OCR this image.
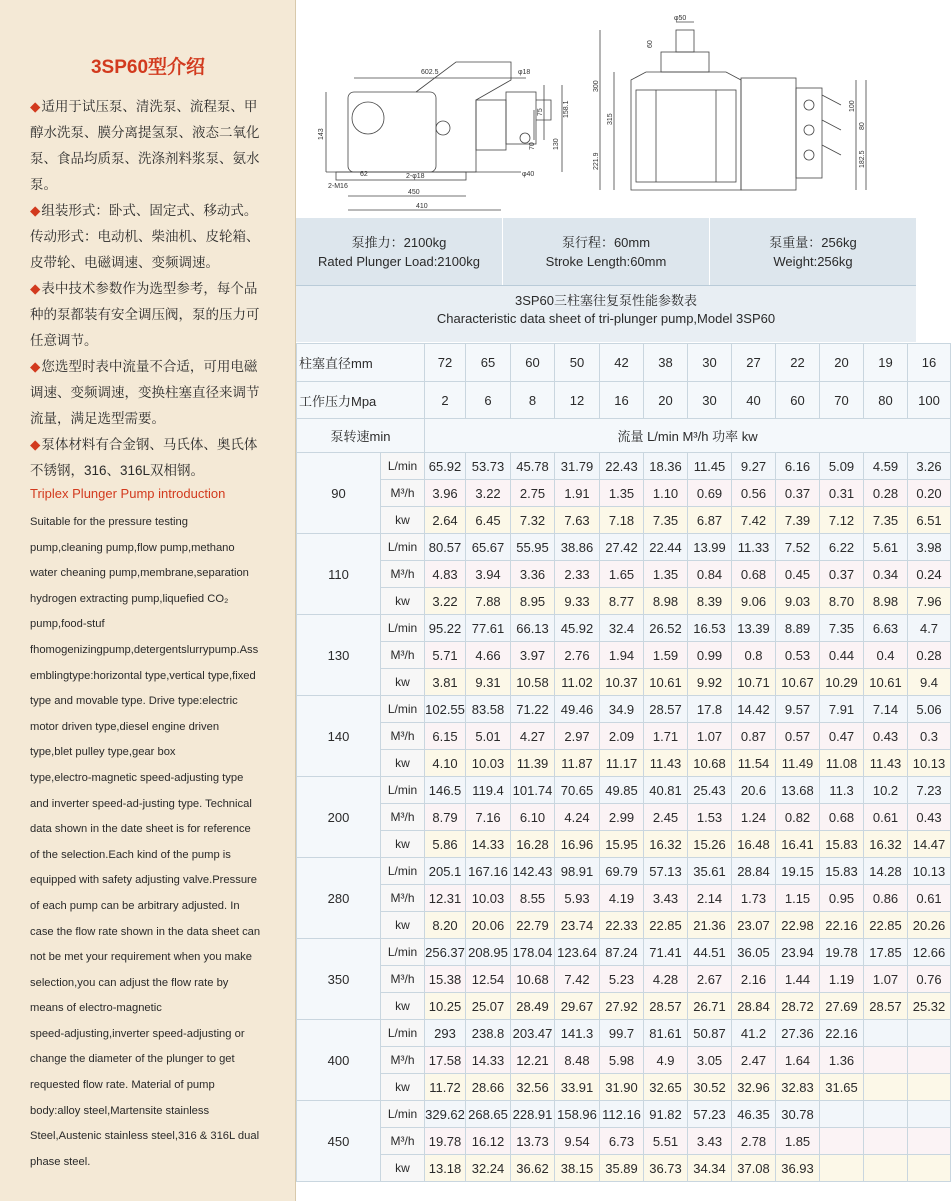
3SP60型介绍

◆适用于试压泵、清洗泵、流程泵、甲

醇水洗泵、膜分离提氢泵、液态二氧化

泵、食品均质泵、洗涤剂料浆泵、氨水

泵。

◆组装形式：卧式、固定式、移动式。

传动形式：电动机、柴油机、皮轮箱、

皮带轮、电磁调速、变频调速。

◆表中技术参数作为选型参考，每个品

种的泵都装有安全调压阀，泵的压力可

任意调节。

◆您选型时表中流量不合适，可用电磁

调速、变频调速，变换柱塞直径来调节

流量，满足选型需要。

◆泵体材料有合金钢、马氏体、奥氏体

不锈钢，316、316L双相钢。

Triplex Plunger Pump introduction
Suitable for the pressure testing
pump,cleaning pump,flow pump,methano
water cheaning pump,membrane,separation
hydrogen extracting pump,liquefied CO₂
pump,food-stuf
fhomogenizingpump,detergentslurrypump.Ass
emblingtype:horizontal type,vertical type,fixed
type and movable type. Drive type:electric
motor driven type,diesel engine driven
type,blet pulley type,gear box
type,electro-magnetic speed-adjusting type
and inverter speed-ad-justing type. Technical
data shown in the date sheet is for reference
of the selection.Each kind of the pump is
equipped with safety adjusting valve.Pressure
of each pump can be arbitrary adjusted. In
case the flow rate shown in the data sheet can
not be met your requirement when you make
selection,you can adjust the flow rate by
means of electro-magnetic
speed-adjusting,inverter speed-adjusting or
change the diameter of the plunger to get
requested flow rate. Material of pump
body:alloy steel,Martensite stainless
Steel,Austenic stainless steel,316 & 316L dual
phase steel.
602.5	φ18
75	158.1
130
70
143
62	2-φ18
2-M16
450
410
φ40
φ50
60
300
315
221.9
100
80
182.5
泵推力：2100kg
Rated Plunger Load:2100kg
泵行程：60mm
Stroke Length:60mm
泵重量：256kg
Weight:256kg
3SP60三柱塞往复泵性能参数表
Characteristic data sheet of tri-plunger pump,Model 3SP60
柱塞直径mm		72	65	60	50	42	38	30	27	22	20	19	16
工作压力Mpa		2	6	8	12	16	20	30	40	60	70	80	100
泵转速min		流量 L/min M³/h 功率 kw											
90	L/min	65.92	53.73	45.78	31.79	22.43	18.36	11.45	9.27	6.16	5.09	4.59	3.26
	M³/h	3.96	3.22	2.75	1.91	1.35	1.10	0.69	0.56	0.37	0.31	0.28	0.20
	kw	2.64	6.45	7.32	7.63	7.18	7.35	6.87	7.42	7.39	7.12	7.35	6.51
110	L/min	80.57	65.67	55.95	38.86	27.42	22.44	13.99	11.33	7.52	6.22	5.61	3.98
	M³/h	4.83	3.94	3.36	2.33	1.65	1.35	0.84	0.68	0.45	0.37	0.34	0.24
	kw	3.22	7.88	8.95	9.33	8.77	8.98	8.39	9.06	9.03	8.70	8.98	7.96
130	L/min	95.22	77.61	66.13	45.92	32.4	26.52	16.53	13.39	8.89	7.35	6.63	4.7
	M³/h	5.71	4.66	3.97	2.76	1.94	1.59	0.99	0.8	0.53	0.44	0.4	0.28
	kw	3.81	9.31	10.58	11.02	10.37	10.61	9.92	10.71	10.67	10.29	10.61	9.4
140	L/min	102.55	83.58	71.22	49.46	34.9	28.57	17.8	14.42	9.57	7.91	7.14	5.06
	M³/h	6.15	5.01	4.27	2.97	2.09	1.71	1.07	0.87	0.57	0.47	0.43	0.3
	kw	4.10	10.03	11.39	11.87	11.17	11.43	10.68	11.54	11.49	11.08	11.43	10.13
200	L/min	146.5	119.4	101.74	70.65	49.85	40.81	25.43	20.6	13.68	11.3	10.2	7.23
	M³/h	8.79	7.16	6.10	4.24	2.99	2.45	1.53	1.24	0.82	0.68	0.61	0.43
	kw	5.86	14.33	16.28	16.96	15.95	16.32	15.26	16.48	16.41	15.83	16.32	14.47
280	L/min	205.1	167.16	142.43	98.91	69.79	57.13	35.61	28.84	19.15	15.83	14.28	10.13
	M³/h	12.31	10.03	8.55	5.93	4.19	3.43	2.14	1.73	1.15	0.95	0.86	0.61
	kw	8.20	20.06	22.79	23.74	22.33	22.85	21.36	23.07	22.98	22.16	22.85	20.26
350	L/min	256.37	208.95	178.04	123.64	87.24	71.41	44.51	36.05	23.94	19.78	17.85	12.66
	M³/h	15.38	12.54	10.68	7.42	5.23	4.28	2.67	2.16	1.44	1.19	1.07	0.76
	kw	10.25	25.07	28.49	29.67	27.92	28.57	26.71	28.84	28.72	27.69	28.57	25.32
400	L/min	293	238.8	203.47	141.3	99.7	81.61	50.87	41.2	27.36	22.16		
	M³/h	17.58	14.33	12.21	8.48	5.98	4.9	3.05	2.47	1.64	1.36		
	kw	11.72	28.66	32.56	33.91	31.90	32.65	30.52	32.96	32.83	31.65		
450	L/min	329.62	268.65	228.91	158.96	112.16	91.82	57.23	46.35	30.78			
	M³/h	19.78	16.12	13.73	9.54	6.73	5.51	3.43	2.78	1.85			
	kw	13.18	32.24	36.62	38.15	35.89	36.73	34.34	37.08	36.93			
